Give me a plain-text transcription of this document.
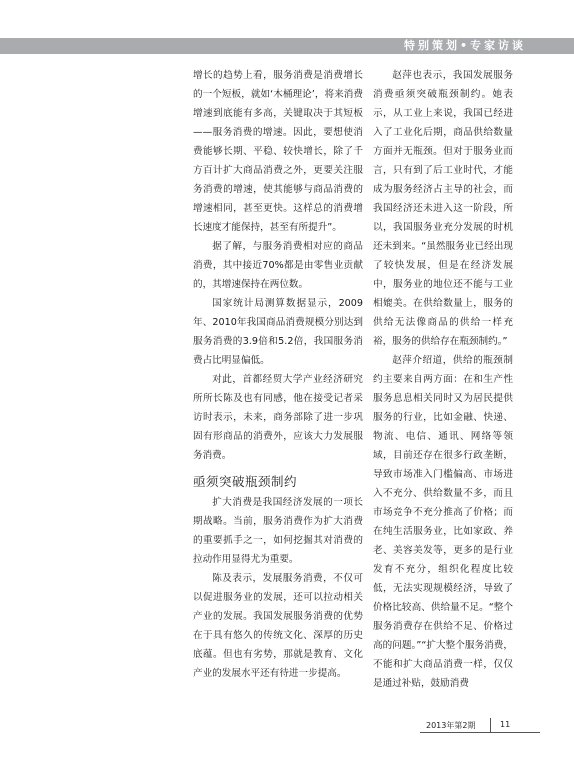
特别策划•专家访谈

增长的趋势上看，服务消费是消费增长的一个短板，就如‘木桶理论’，将来消费增速到底能有多高，关键取决于其短板——服务消费的增速。因此，要想使消费能够长期、平稳、较快增长，除了千方百计扩大商品消费之外，更要关注服务消费的增速，使其能够与商品消费的增速相同，甚至更快。这样总的消费增长速度才能保持，甚至有所提升”。

据了解，与服务消费相对应的商品消费，其中接近70%都是由零售业贡献的，其增速保持在两位数。

国家统计局测算数据显示，2009年、2010年我国商品消费规模分别达到服务消费的3.9倍和5.2倍，我国服务消费占比明显偏低。

对此，首都经贸大学产业经济研究所所长陈及也有同感，他在接受记者采访时表示，未来，商务部除了进一步巩固有形商品的消费外，应该大力发展服务消费。

亟须突破瓶颈制约

扩大消费是我国经济发展的一项长期战略。当前，服务消费作为扩大消费的重要抓手之一，如何挖掘其对消费的拉动作用显得尤为重要。

陈及表示，发展服务消费，不仅可以促进服务业的发展，还可以拉动相关产业的发展。我国发展服务消费的优势在于具有悠久的传统文化、深厚的历史底蕴。但也有劣势，那就是教育、文化产业的发展水平还有待进一步提高。

赵萍也表示，我国发展服务消费亟须突破瓶颈制约。她表示，从工业上来说，我国已经进入了工业化后期，商品供给数量方面并无瓶颈。但对于服务业而言，只有到了后工业时代，才能成为服务经济占主导的社会，而我国经济还未进入这一阶段，所以，我国服务业充分发展的时机还未到来。“虽然服务业已经出现了较快发展，但是在经济发展中，服务业的地位还不能与工业相媲美。在供给数量上，服务的供给无法像商品的供给一样充裕，服务的供给存在瓶颈制约。”

赵萍介绍道，供给的瓶颈制约主要来自两方面：在和生产性服务息息相关同时又为居民提供服务的行业，比如金融、快递、物流、电信、通讯、网络等领域，目前还存在很多行政垄断，导致市场准入门槛偏高、市场进入不充分、供给数量不多，而且市场竞争不充分推高了价格；而在纯生活服务业，比如家政、养老、美容美发等，更多的是行业发育不充分，组织化程度比较低，无法实现规模经济，导致了价格比较高、供给量不足。“整个服务消费存在供给不足、价格过高的问题。”“扩大整个服务消费，不能和扩大商品消费一样，仅仅是通过补贴，鼓励消费

2013年第2期	11
